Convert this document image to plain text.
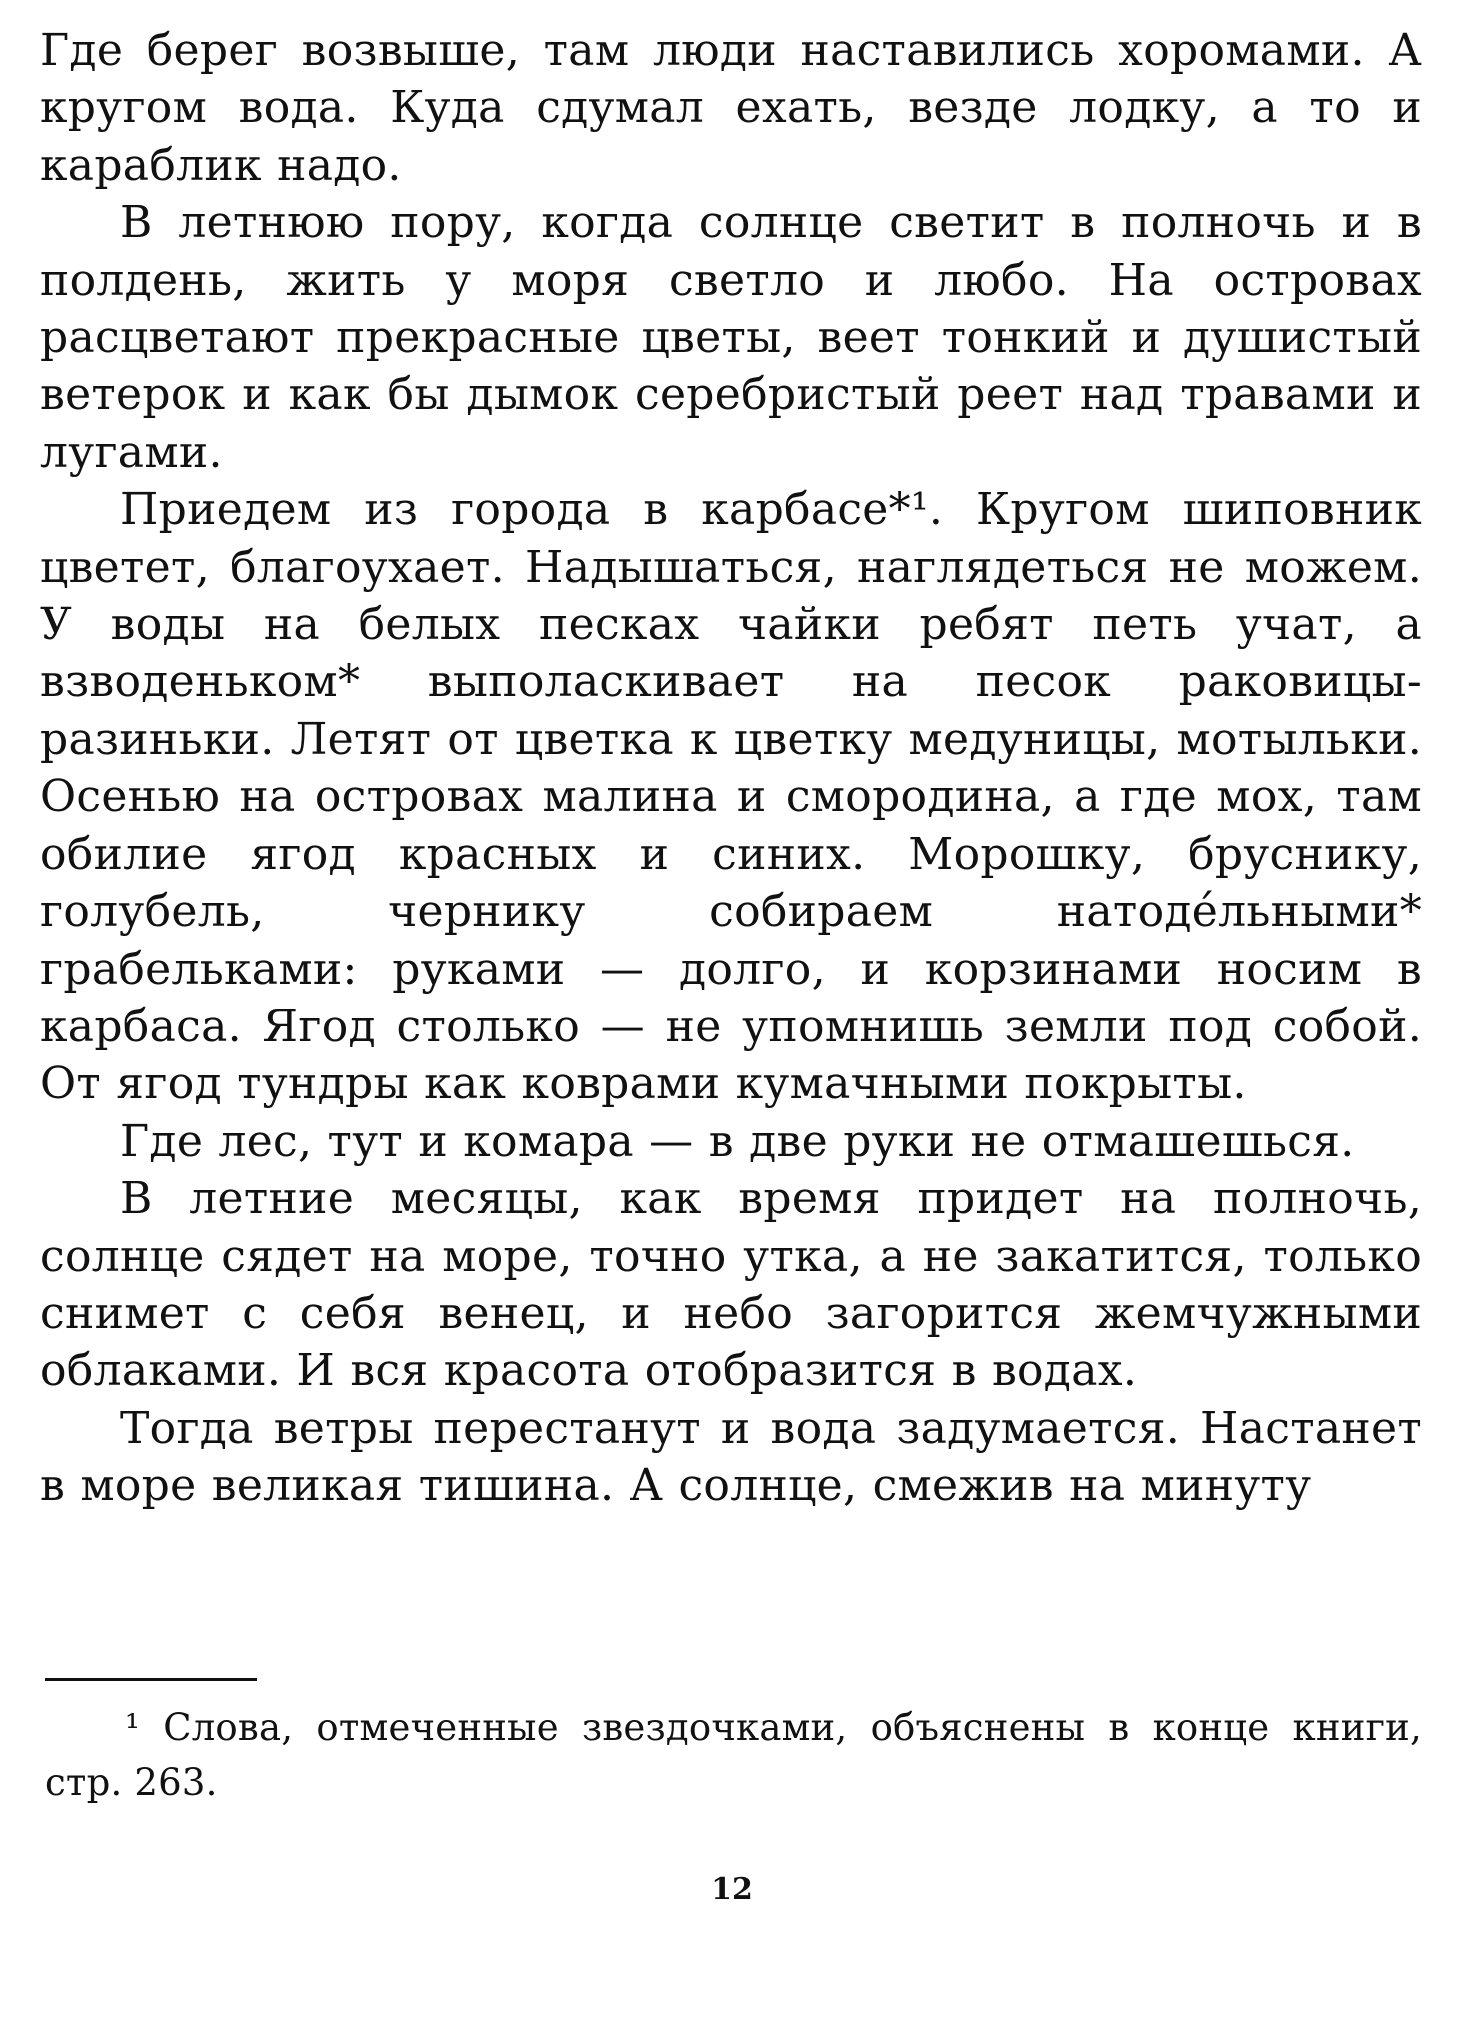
Где берег возвыше, там люди наставились хоромами. А кругом вода. Куда сдумал ехать, везде лодку, а то и караблик надо.

В летнюю пору, когда солнце светит в полночь и в полдень, жить у моря светло и любо. На островах расцветают прекрасные цветы, веет тонкий и душистый ветерок и как бы дымок серебристый реет над травами и лугами.

Приедем из города в карбасе*¹. Кругом шиповник цветет, благоухает. Надышаться, наглядеться не можем. У воды на белых песках чайки ребят петь учат, а взводеньком* выполаскивает на песок раковицы-разиньки. Летят от цветка к цветку медуницы, мотыльки. Осенью на островах малина и смородина, а где мох, там обилие ягод красных и синих. Морошку, бруснику, голубель, чернику собираем натодéльными* грабельками: руками — долго, и корзинами носим в карбаса. Ягод столько — не упомнишь земли под собой. От ягод тундры как коврами кумачными покрыты.

Где лес, тут и комара — в две руки не отмашешься.

В летние месяцы, как время придет на полночь, солнце сядет на море, точно утка, а не закатится, только снимет с себя венец, и небо загорится жемчужными облаками. И вся красота отобразится в водах.

Тогда ветры перестанут и вода задумается. Настанет в море великая тишина. А солнце, смежив на минуту

¹ Слова, отмеченные звездочками, объяснены в конце книги, стр. 263.

12
